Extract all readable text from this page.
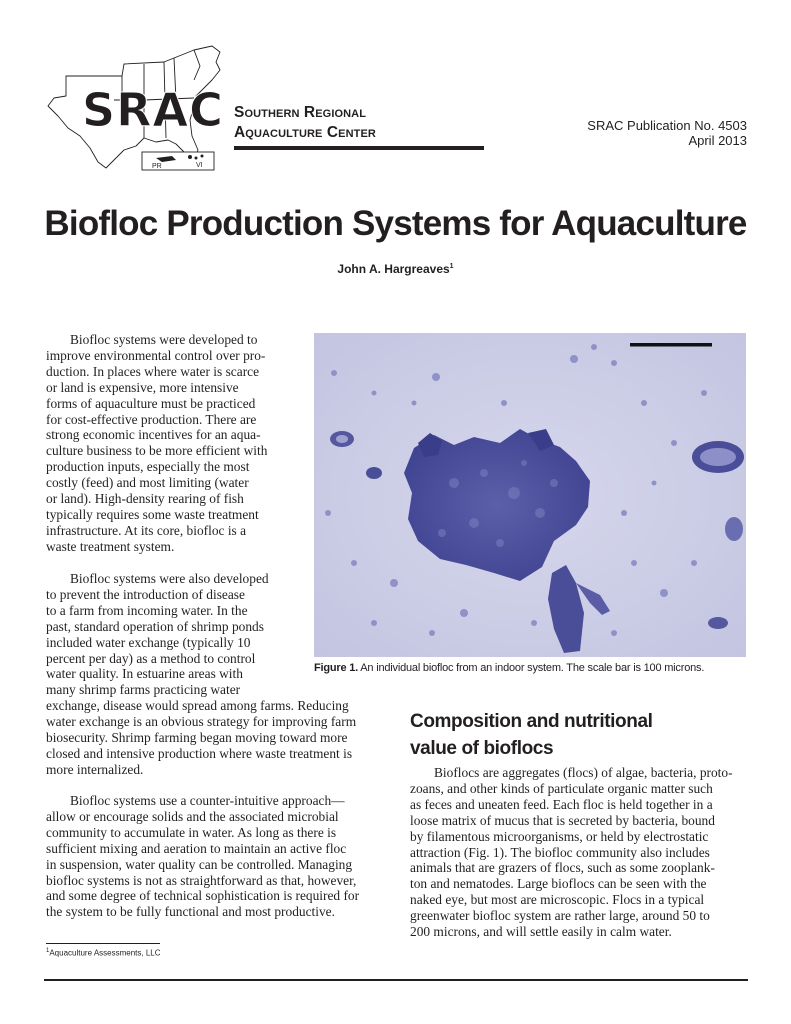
PR	VI
SRAC Southern Regional
Aquaculture Center	SRAC Publication No. 4503
April 2013
Biofloc Production Systems for Aquaculture
John A. Hargreaves$^1$
Figure 1. An individual biofloc from an indoor system. The scale bar is 100 microns.
Biofloc systems were developed to
improve environmental control over pro-
duction. In places where water is scarce
or land is expensive, more intensive
forms of aquaculture must be practiced
for cost-effective production. There are
strong economic incentives for an aqua-
culture business to be more efficient with
production inputs, especially the most
costly (feed) and most limiting (water
or land). High-density rearing of fish
typically requires some waste treatment
infrastructure. At its core, biofloc is a
waste treatment system.
Biofloc systems were also developed
to prevent the introduction of disease
to a farm from incoming water. In the
past, standard operation of shrimp ponds
included water exchange (typically 10
percent per day) as a method to control
water quality. In estuarine areas with
many shrimp farms practicing water
exchange, disease would spread among farms. Reducing
water exchange is an obvious strategy for improving farm
biosecurity. Shrimp farming began moving toward more
closed and intensive production where waste treatment is
more internalized.
Biofloc systems use a counter-intuitive approach—
allow or encourage solids and the associated microbial
community to accumulate in water. As long as there is
sufficient mixing and aeration to maintain an active floc
in suspension, water quality can be controlled. Managing
biofloc systems is not as straightforward as that, however,
and some degree of technical sophistication is required for
the system to be fully functional and most productive.
Composition and nutritional
value of bioflocs
Bioflocs are aggregates (flocs) of algae, bacteria, proto-
zoans, and other kinds of particulate organic matter such
as feces and uneaten feed. Each floc is held together in a
loose matrix of mucus that is secreted by bacteria, bound
by filamentous microorganisms, or held by electrostatic
attraction (Fig. 1). The biofloc community also includes
animals that are grazers of flocs, such as some zooplank-
ton and nematodes. Large bioflocs can be seen with the
naked eye, but most are microscopic. Flocs in a typical
greenwater biofloc system are rather large, around 50 to
200 microns, and will settle easily in calm water.
$^1$Aquaculture Assessments, LLC
